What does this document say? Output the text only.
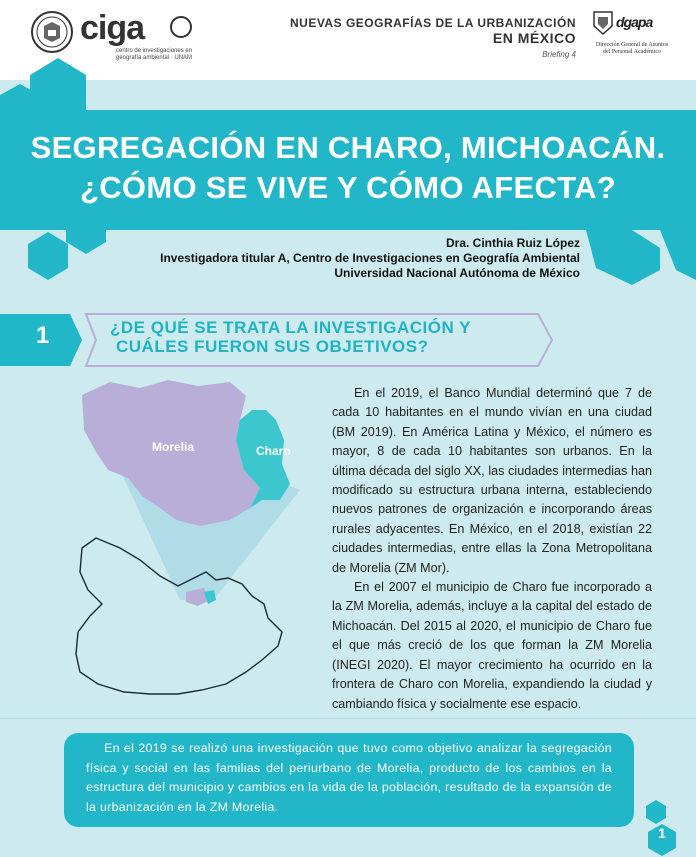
ciga
centro de investigaciones en geografía ambiental · UNAM
NUEVAS GEOGRAFÍAS DE LA URBANIZACIÓN
EN MÉXICO
Briefing 4
dgapa
Dirección General de Asuntos del Personal Académico
SEGREGACIÓN EN CHARO, MICHOACÁN.
¿CÓMO SE VIVE Y CÓMO AFECTA?
Dra. Cinthia Ruiz López
Investigadora titular A, Centro de Investigaciones en Geografía Ambiental
Universidad Nacional Autónoma de México
1	¿DE QUÉ SE TRATA LA INVESTIGACIÓN Y
CUÁLES FUERON SUS OBJETIVOS?
Morelia	Charo

En el 2019, el Banco Mundial determinó que 7 de cada 10 habitantes en el mundo vivían en una ciudad (BM 2019). En América Latina y México, el número es mayor, 8 de cada 10 habitantes son urbanos. En la última década del siglo XX, las ciudades intermedias han modificado su estructura urbana interna, estableciendo nuevos patrones de organización e incorporando áreas rurales adyacentes. En México, en el 2018, existían 22 ciudades intermedias, entre ellas la Zona Metropolitana de Morelia (ZM Mor).

En el 2007 el municipio de Charo fue incorporado a la ZM Morelia, además, incluye a la capital del estado de Michoacán. Del 2015 al 2020, el municipio de Charo fue el que más creció de los que forman la ZM Morelia (INEGI 2020). El mayor crecimiento ha ocurrido en la frontera de Charo con Morelia, expandiendo la ciudad y cambiando física y socialmente ese espacio.

En el 2019 se realizó una investigación que tuvo como objetivo analizar la segregación física y social en las familias del periurbano de Morelia, producto de los cambios en la estructura del municipio y cambios en la vida de la población, resultado de la expansión de la urbanización en la ZM Morelia.
1
